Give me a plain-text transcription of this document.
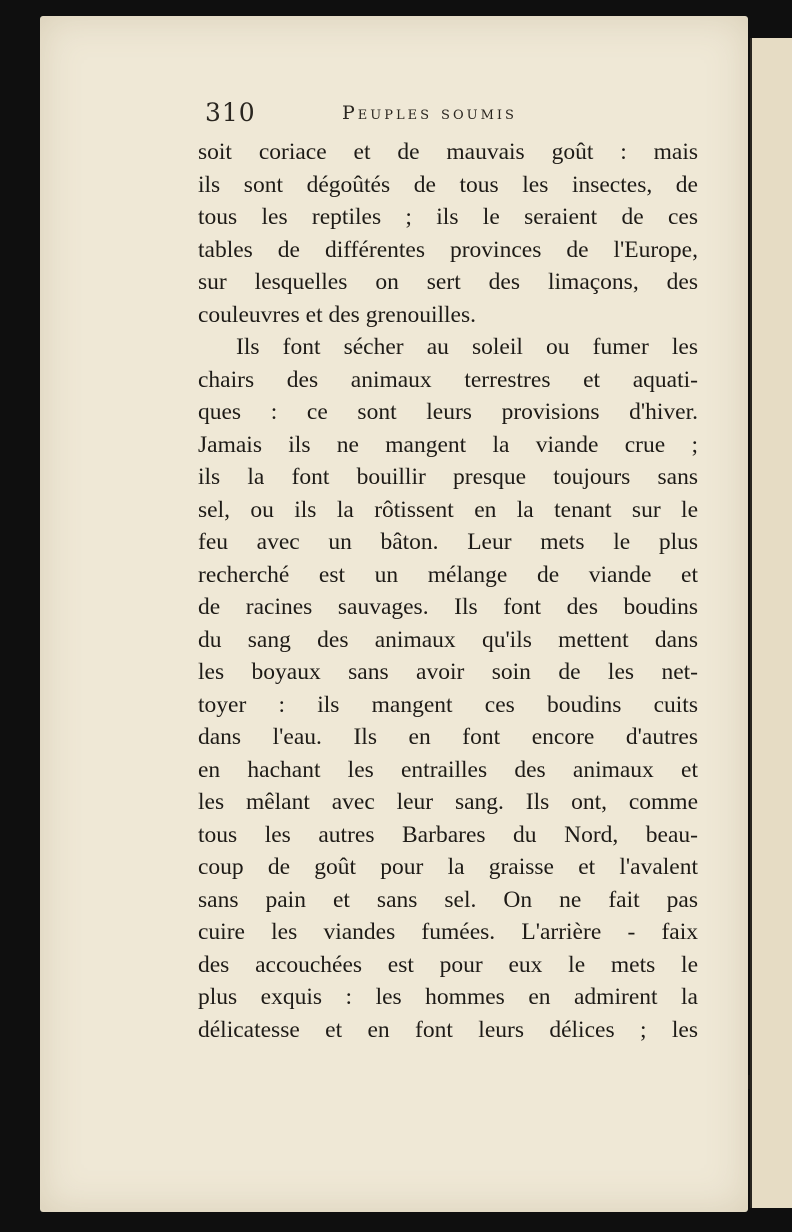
310	Peuples soumis
soit coriace et de mauvais goût : mais
ils sont dégoûtés de tous les insectes, de
tous les reptiles ; ils le seraient de ces
tables de différentes provinces de l'Europe,
sur lesquelles on sert des limaçons, des
couleuvres et des grenouilles.
Ils font sécher au soleil ou fumer les
chairs des animaux terrestres et aquati-
ques : ce sont leurs provisions d'hiver.
Jamais ils ne mangent la viande crue ;
ils la font bouillir presque toujours sans
sel, ou ils la rôtissent en la tenant sur le
feu avec un bâton. Leur mets le plus
recherché est un mélange de viande et
de racines sauvages. Ils font des boudins
du sang des animaux qu'ils mettent dans
les boyaux sans avoir soin de les net-
toyer : ils mangent ces boudins cuits
dans l'eau. Ils en font encore d'autres
en hachant les entrailles des animaux et
les mêlant avec leur sang. Ils ont, comme
tous les autres Barbares du Nord, beau-
coup de goût pour la graisse et l'avalent
sans pain et sans sel. On ne fait pas
cuire les viandes fumées. L'arrière - faix
des accouchées est pour eux le mets le
plus exquis : les hommes en admirent la
délicatesse et en font leurs délices ; les
